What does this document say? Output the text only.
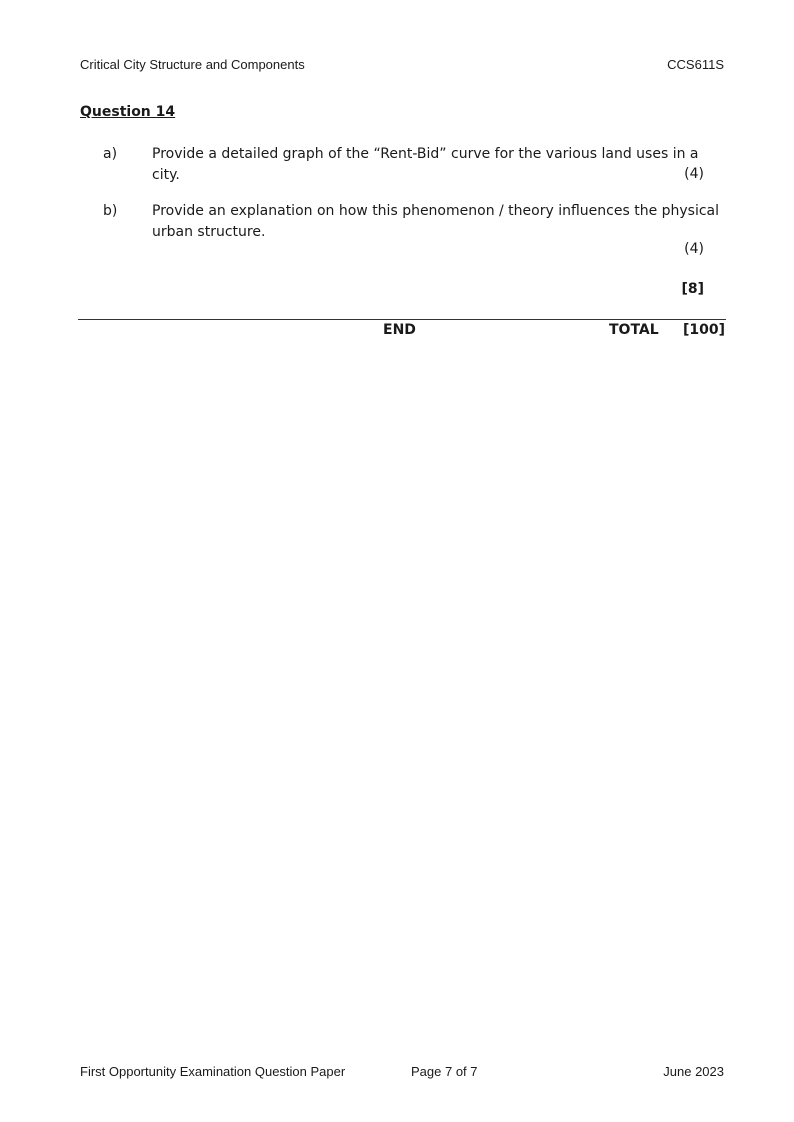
Critical City Structure and Components	CCS611S
Question 14
a) Provide a detailed graph of the “Rent-Bid” curve for the various land uses in a city.	(4)
b) Provide an explanation on how this phenomenon / theory influences the physical urban structure.
(4)
[8]
END	TOTAL [100]
First Opportunity Examination Question Paper	Page 7 of 7	June 2023
